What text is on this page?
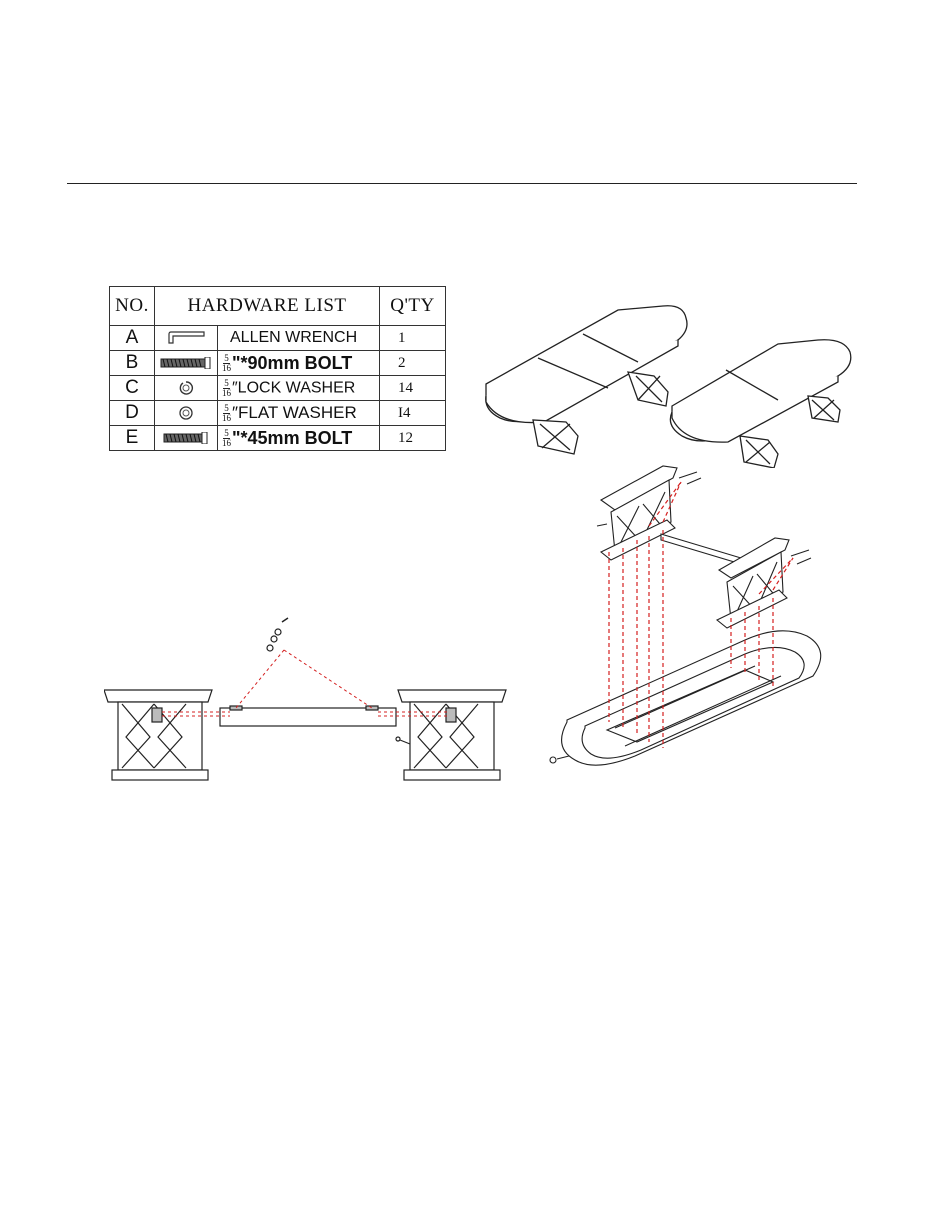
NO.	HARDWARE LIST		Q'TY
A		ALLEN WRENCH	1
B		$\frac{5}{16}$ "*90mm BOLT	2
C		$\frac{5}{16}$ ″LOCK WASHER	14
D		$\frac{5}{16}$ ″FLAT WASHER	I4
E		$\frac{5}{16}$ "*45mm BOLT	12
